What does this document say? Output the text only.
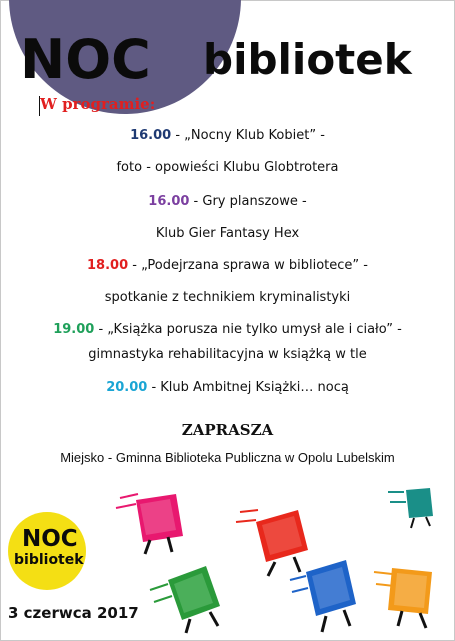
NOC bibliotek
W programie:
16.00 - „Nocny Klub Kobiet” -
foto - opowieści Klubu Globtrotera
16.00 - Gry planszowe -
Klub Gier Fantasy Hex
18.00 - „Podejrzana sprawa w bibliotece” -
spotkanie z technikiem kryminalistyki
19.00 - „Książka porusza nie tylko umysł ale i ciało” -
gimnastyka rehabilitacyjna w książką w tle
20.00 - Klub Ambitnej Książki… nocą
ZAPRASZA
Miejsko - Gminna Biblioteka Publiczna w Opolu Lubelskim
NOC
bibliotek
3 czerwca 2017
